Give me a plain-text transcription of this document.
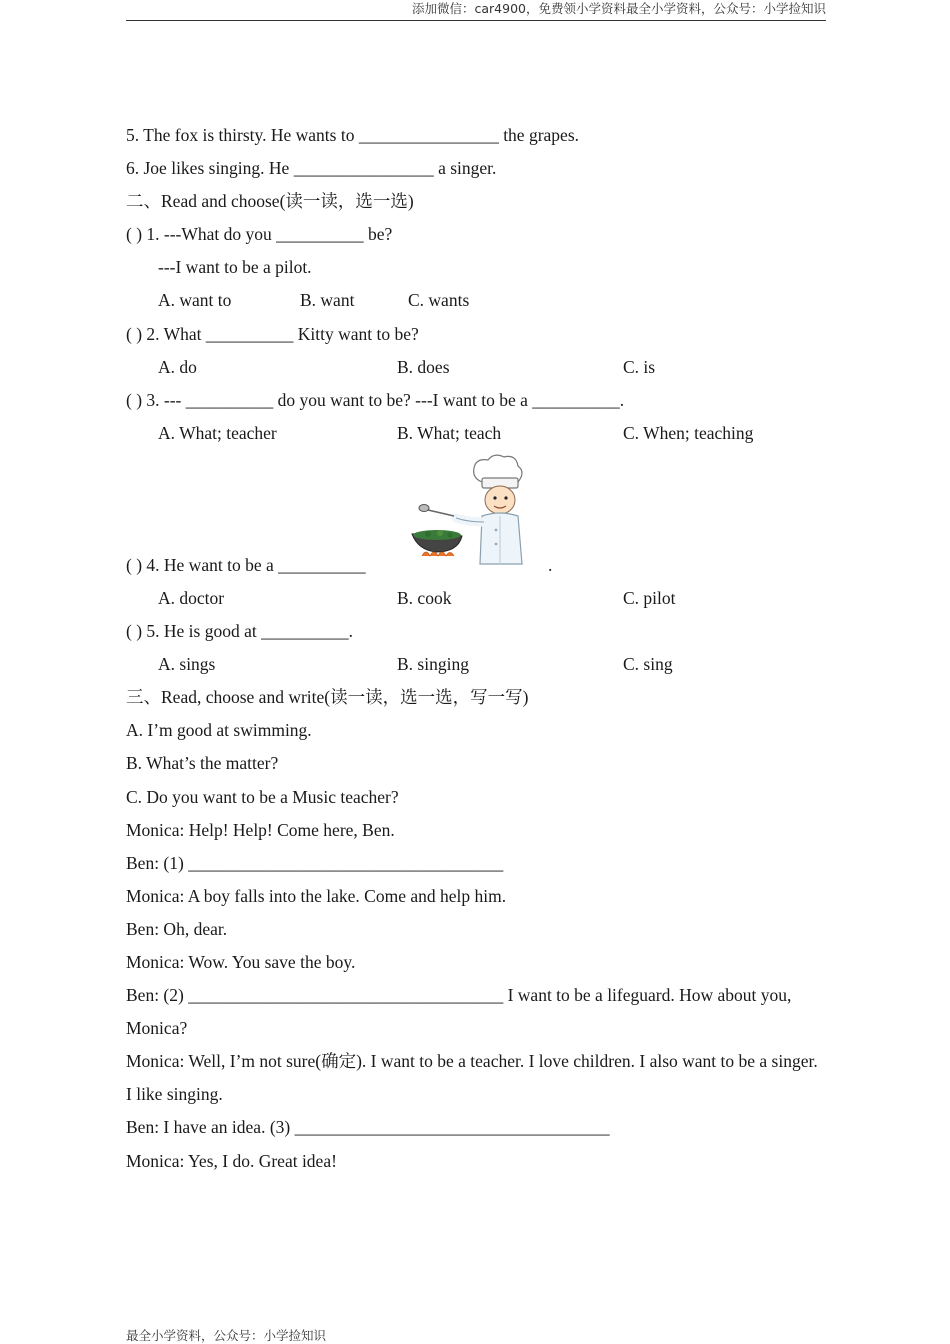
添加微信：car4900，免费领小学资料最全小学资料，公众号：小学捡知识
5. The fox is thirsty. He wants to ________________ the grapes.
6. Joe likes singing. He ________________ a singer.
二、Read and choose(读一读，选一选)
( ) 1. ---What do you __________ be?
---I want to be a pilot.
A. want to	B. want	C. wants
( ) 2. What __________ Kitty want to be?
A. do	B. does	C. is
( ) 3. --- __________ do you want to be? ---I want to be a __________.
A. What; teacher	B. What; teach	C. When; teaching
( ) 4. He want to be a __________	.
A. doctor	B. cook	C. pilot
( ) 5. He is good at __________.
A. sings	B. singing	C. sing
三、Read, choose and write(读一读，选一选，写一写)
A. I’m good at swimming.
B. What’s the matter?
C. Do you want to be a Music teacher?
Monica: Help! Help! Come here, Ben.
Ben: (1) ____________________________________
Monica: A boy falls into the lake. Come and help him.
Ben: Oh, dear.
Monica: Wow. You save the boy.
Ben: (2) ____________________________________ I want to be a lifeguard. How about you, Monica?
Monica: Well, I’m not sure(确定). I want to be a teacher. I love children. I also want to be a singer. I like singing.
Ben: I have an idea. (3) ____________________________________
Monica: Yes, I do. Great idea!
最全小学资料，公众号：小学捡知识
